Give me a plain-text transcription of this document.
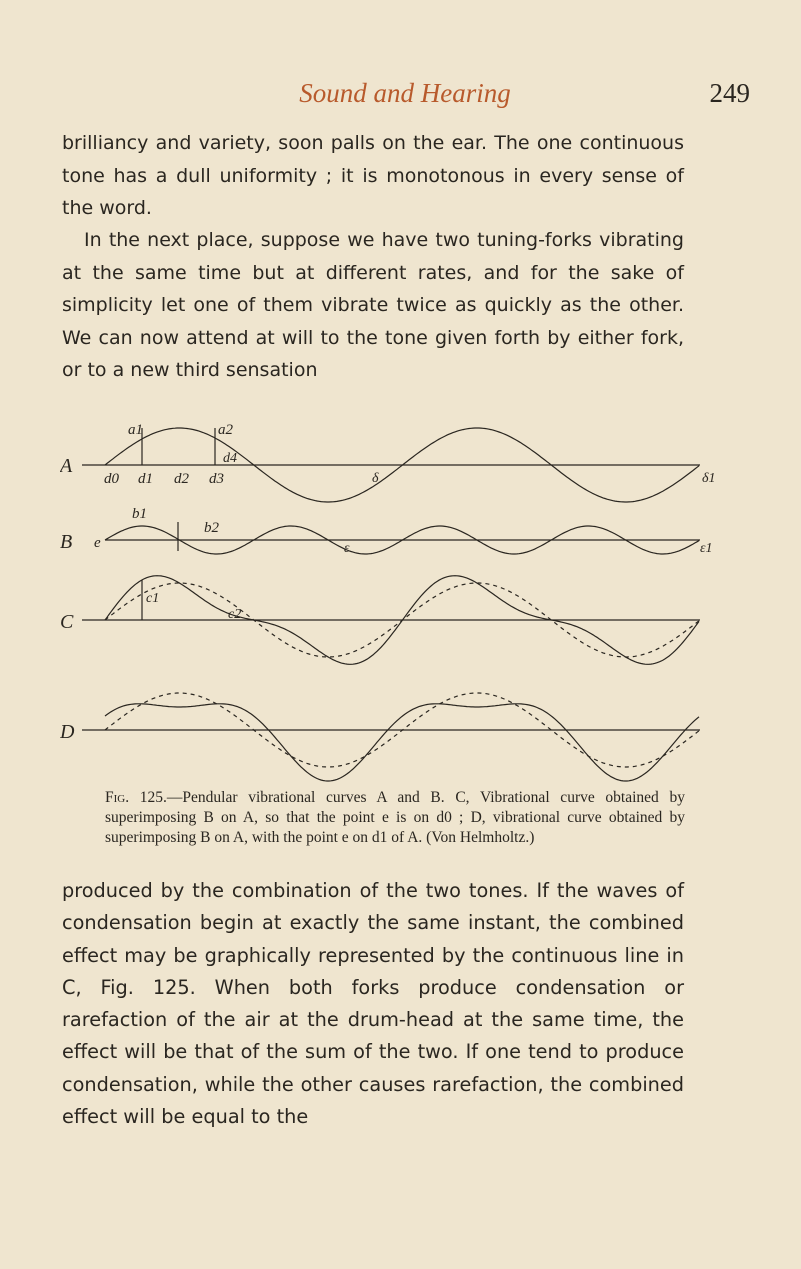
Sound and Hearing	249

brilliancy and variety, soon palls on the ear. The one continuous tone has a dull uniformity ; it is monotonous in every sense of the word.

In the next place, suppose we have two tuning-forks vibrating at the same time but at different rates, and for the sake of simplicity let one of them vibrate twice as quickly as the other. We can now attend at will to the tone given forth by either fork, or to a new third sensation

A
B
C
D
a1	a2
d4
d0 d1 d2 d3	δ	δ1
e
b1
b2
ε	ε1
c1
c2

Fig. 125.—Pendular vibrational curves A and B. C, Vibrational curve obtained by superimposing B on A, so that the point e is on d0 ; D, vibrational curve obtained by superimposing B on A, with the point e on d1 of A. (Von Helmholtz.)

produced by the combination of the two tones. If the waves of condensation begin at exactly the same instant, the combined effect may be graphically represented by the continuous line in C, Fig. 125. When both forks produce condensation or rarefaction of the air at the drum-head at the same time, the effect will be that of the sum of the two. If one tend to produce condensation, while the other causes rarefaction, the combined effect will be equal to the
